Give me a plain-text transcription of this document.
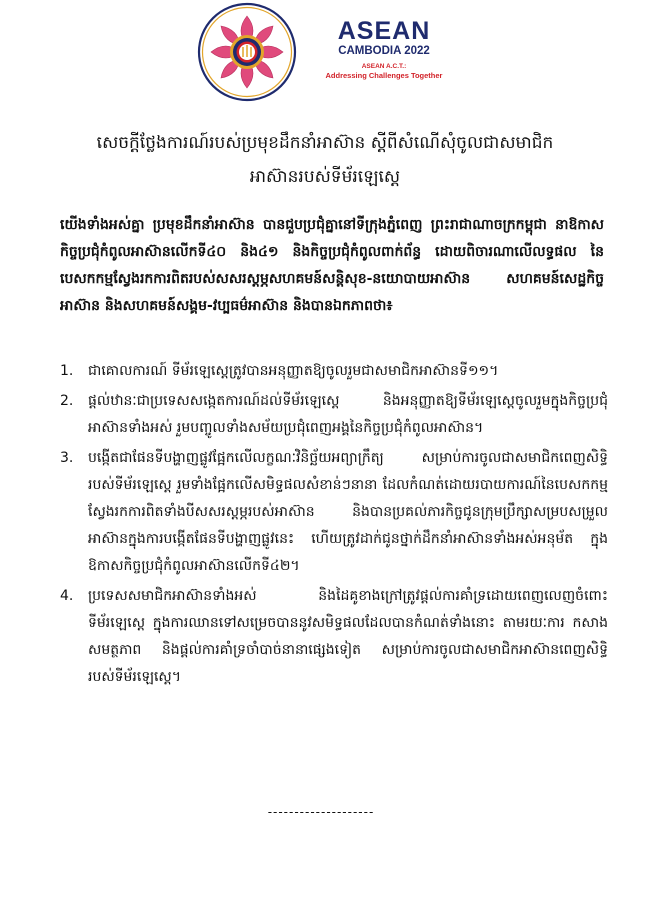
ASEAN
CAMBODIA 2022
ASEAN A.C.T.:
Addressing Challenges Together
សេចក្តីថ្លែងការណ៍របស់ប្រមុខដឹកនាំអាស៊ាន ស្តីពីសំណើសុំចូលជាសមាជិក
អាស៊ានរបស់ទីម័រឡេស្តេ
យើងទាំងអស់គ្នា ប្រមុខដឹកនាំអាស៊ាន បានជួបប្រជុំគ្នានៅទីក្រុងភ្នំពេញ ព្រះរាជាណាចក្រកម្ពុជា នាឱកាសកិច្ចប្រជុំកំពូលអាស៊ានលើកទី៤០ និង៤១ និងកិច្ចប្រជុំកំពូលពាក់ព័ន្ធ ដោយពិចារណាលើលទ្ធផល នៃបេសកកម្មស្វែងរកការពិតរបស់សសរស្តម្ភសហគមន៍សន្តិសុខ-នយោបាយអាស៊ាន សហគមន៍សេដ្ឋកិច្ចអាស៊ាន និងសហគមន៍សង្គម-វប្បធម៌អាស៊ាន និងបានឯកភាពថា៖
1.	ជាគោលការណ៍ ទីម័រឡេស្តេត្រូវបានអនុញ្ញាតឱ្យចូលរួមជាសមាជិកអាស៊ានទី១១។
2.	ផ្តល់ឋានៈជាប្រទេសសង្កេតការណ៍ដល់ទីម័រឡេស្តេ និងអនុញ្ញាតឱ្យទីម័រឡេស្តេចូលរួមក្នុងកិច្ចប្រជុំអាស៊ានទាំងអស់ រួមបញ្ចូលទាំងសម័យប្រជុំពេញអង្គនៃកិច្ចប្រជុំកំពូលអាស៊ាន។
3.	បង្កើតជាផែនទីបង្ហាញផ្លូវផ្អែកលើលក្ខណៈវិនិច្ឆ័យអព្យាក្រឹត្យ សម្រាប់ការចូលជាសមាជិកពេញសិទ្ធិរបស់ទីម័រឡេស្តេ រួមទាំងផ្អែកលើសមិទ្ធផលសំខាន់ៗនានា ដែលកំណត់ដោយរបាយការណ៍នៃបេសកកម្មស្វែងរកការពិតទាំងបីសសរស្តម្ភរបស់អាស៊ាន និងបានប្រគល់ភារកិច្ចជូនក្រុមប្រឹក្សាសម្របសម្រួលអាស៊ានក្នុងការបង្កើតផែនទីបង្ហាញផ្លូវនេះ ហើយត្រូវដាក់ជូនថ្នាក់ដឹកនាំអាស៊ានទាំងអស់អនុម័ត ក្នុងឱកាសកិច្ចប្រជុំកំពូលអាស៊ានលើកទី៤២។
4.	ប្រទេសសមាជិកអាស៊ានទាំងអស់ និងដៃគូខាងក្រៅត្រូវផ្តល់ការគាំទ្រដោយពេញលេញចំពោះ ទីម័រឡេស្តេ ក្នុងការឈានទៅសម្រេចបាននូវសមិទ្ធផលដែលបានកំណត់ទាំងនោះ តាមរយៈការ កសាងសមត្ថភាព និងផ្តល់ការគាំទ្រចាំបាច់នានាផ្សេងទៀត សម្រាប់ការចូលជាសមាជិកអាស៊ានពេញសិទ្ធិរបស់ទីម័រឡេស្តេ។
--------------------
